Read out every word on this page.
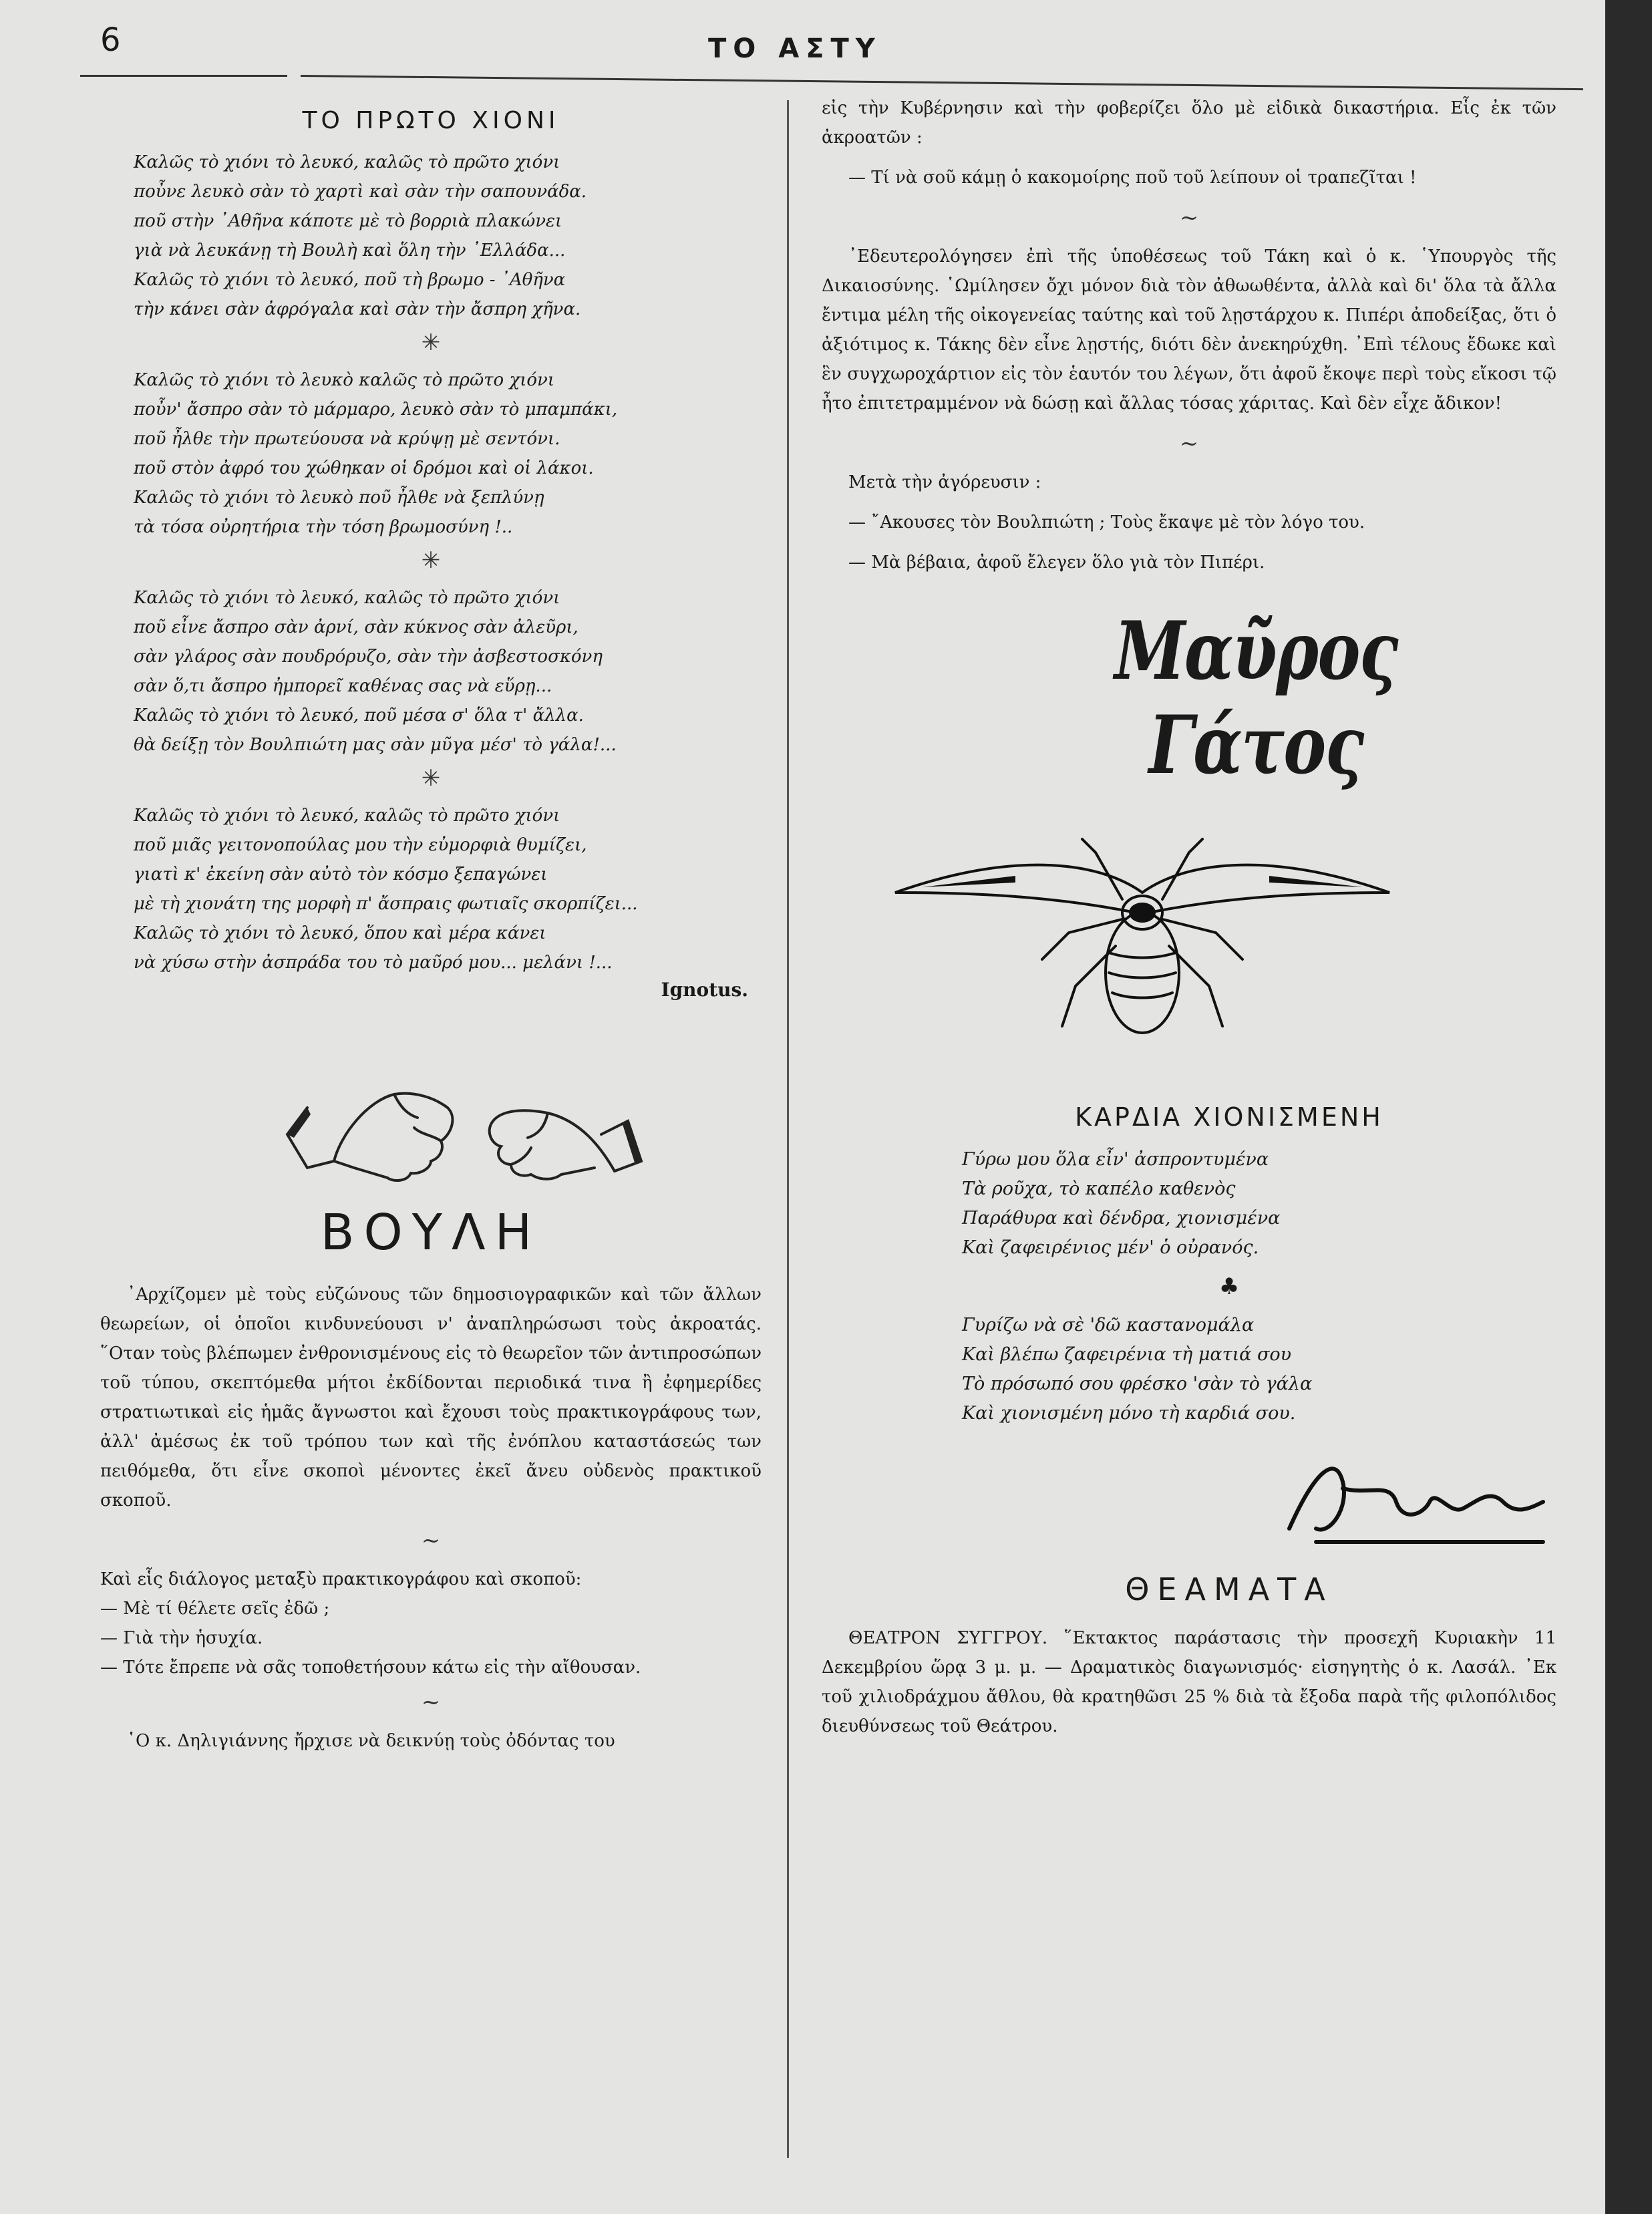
6	ΤΟ ΑΣΤΥ
ΤΟ ΠΡΩΤΟ ΧΙΟΝΙ
Καλῶς τὸ χιόνι τὸ λευκό, καλῶς τὸ πρῶτο χιόνι
ποὖνε λευκὸ σὰν τὸ χαρτὶ καὶ σὰν τὴν σαπουνάδα.
ποῦ στὴν ᾿Αθῆνα κάποτε μὲ τὸ βορριὰ πλακώνει
γιὰ νὰ λευκάνῃ τὴ Βουλὴ καὶ ὅλη τὴν ᾿Ελλάδα...
Καλῶς τὸ χιόνι τὸ λευκό, ποῦ τὴ βρωμο - ᾿Αθῆνα
τὴν κάνει σὰν ἀφρόγαλα καὶ σὰν τὴν ἄσπρη χῆνα.
✳
Καλῶς τὸ χιόνι τὸ λευκὸ καλῶς τὸ πρῶτο χιόνι
ποὖν' ἄσπρο σὰν τὸ μάρμαρο, λευκὸ σὰν τὸ μπαμπάκι,
ποῦ ἦλθε τὴν πρωτεύουσα νὰ κρύψῃ μὲ σεντόνι.
ποῦ στὸν ἀφρό του χώθηκαν οἱ δρόμοι καὶ οἱ λάκοι.
Καλῶς τὸ χιόνι τὸ λευκὸ ποῦ ἦλθε νὰ ξεπλύνῃ
τὰ τόσα οὐρητήρια τὴν τόση βρωμοσύνη !..
✳
Καλῶς τὸ χιόνι τὸ λευκό, καλῶς τὸ πρῶτο χιόνι
ποῦ εἶνε ἄσπρο σὰν ἀρνί, σὰν κύκνος σὰν ἀλεῦρι,
σὰν γλάρος σὰν πουδρόρυζο, σὰν τὴν ἀσβεστοσκόνη
σὰν ὅ,τι ἄσπρο ἠμπορεῖ καθένας σας νὰ εὕρῃ...
Καλῶς τὸ χιόνι τὸ λευκό, ποῦ μέσα σ' ὅλα τ' ἄλλα.
θὰ δείξῃ τὸν Βουλπιώτη μας σὰν μῦγα μέσ' τὸ γάλα!...
✳
Καλῶς τὸ χιόνι τὸ λευκό, καλῶς τὸ πρῶτο χιόνι
ποῦ μιᾶς γειτονοπούλας μου τὴν εὐμορφιὰ θυμίζει,
γιατὶ κ' ἐκείνη σὰν αὐτὸ τὸν κόσμο ξεπαγώνει
μὲ τὴ χιονάτη της μορφὴ π' ἄσπραις φωτιαῖς σκορπίζει...
Καλῶς τὸ χιόνι τὸ λευκό, ὅπου καὶ μέρα κάνει
νὰ χύσω στὴν ἀσπράδα του τὸ μαῦρό μου... μελάνι !...
Ignotus.
ΒΟΥΛΗ

᾿Αρχίζομεν μὲ τοὺς εὐζώνους τῶν δημοσιογραφικῶν καὶ τῶν ἄλλων θεωρείων, οἱ ὁποῖοι κινδυνεύουσι ν' ἀναπληρώσωσι τοὺς ἀκροατάς. ῞Οταν τοὺς βλέπωμεν ἐνθρονισμένους εἰς τὸ θεωρεῖον τῶν ἀντιπροσώπων τοῦ τύπου, σκεπτόμεθα μήτοι ἐκδίδονται περιοδικά τινα ἢ ἐφημερίδες στρατιωτικαὶ εἰς ἡμᾶς ἄγνωστοι καὶ ἔχουσι τοὺς πρακτικογράφους των, ἀλλ' ἀμέσως ἐκ τοῦ τρόπου των καὶ τῆς ἐνόπλου καταστάσεώς των πειθόμεθα, ὅτι εἶνε σκοποὶ μένοντες ἐκεῖ ἄνευ οὐδενὸς πρακτικοῦ σκοποῦ.

~

Καὶ εἷς διάλογος μεταξὺ πρακτικογράφου καὶ σκοποῦ:

— Μὲ τί θέλετε σεῖς ἐδῶ ;

— Γιὰ τὴν ἡσυχία.

— Τότε ἔπρεπε νὰ σᾶς τοποθετήσουν κάτω εἰς τὴν αἴθουσαν.

~

῾Ο κ. Δηλιγιάννης ἤρχισε νὰ δεικνύῃ τοὺς ὀδόντας του

εἰς τὴν Κυβέρνησιν καὶ τὴν φοβερίζει ὅλο μὲ εἰδικὰ δικαστήρια. Εἷς ἐκ τῶν ἀκροατῶν :

— Τί νὰ σοῦ κάμῃ ὁ κακομοίρης ποῦ τοῦ λείπουν οἱ τραπεζῖται !

~

᾿Εδευτερολόγησεν ἐπὶ τῆς ὑποθέσεως τοῦ Τάκη καὶ ὁ κ. ῾Υπουργὸς τῆς Δικαιοσύνης. ῾Ωμίλησεν ὄχι μόνον διὰ τὸν ἀθωωθέντα, ἀλλὰ καὶ δι' ὅλα τὰ ἄλλα ἔντιμα μέλη τῆς οἰκογενείας ταύτης καὶ τοῦ λῃστάρχου κ. Πιπέρι ἀποδείξας, ὅτι ὁ ἀξιότιμος κ. Τάκης δὲν εἶνε λῃστής, διότι δὲν ἀνεκηρύχθη. ᾿Επὶ τέλους ἔδωκε καὶ ἓν συγχωροχάρτιον εἰς τὸν ἑαυτόν του λέγων, ὅτι ἀφοῦ ἔκοψε περὶ τοὺς εἴκοσι τῷ ἦτο ἐπιτετραμμένον νὰ δώσῃ καὶ ἄλλας τόσας χάριτας. Καὶ δὲν εἶχε ἄδικον!

~

Μετὰ τὴν ἀγόρευσιν :

— ῎Ακουσες τὸν Βουλπιώτη ; Τοὺς ἔκαψε μὲ τὸν λόγο του.

— Μὰ βέβαια, ἀφοῦ ἔλεγεν ὅλο γιὰ τὸν Πιπέρι.

Μαῦρος Γάτος
ΚΑΡΔΙΑ ΧΙΟΝΙΣΜΕΝΗ
Γύρω μου ὅλα εἶν' ἀσπροντυμένα
Τὰ ροῦχα, τὸ καπέλο καθενὸς
Παράθυρα καὶ δένδρα, χιονισμένα
Καὶ ζαφειρένιος μέν' ὁ οὐρανός.
♣
Γυρίζω νὰ σὲ 'δῶ καστανομάλα
Καὶ βλέπω ζαφειρένια τὴ ματιά σου
Τὸ πρόσωπό σου φρέσκο 'σὰν τὸ γάλα
Καὶ χιονισμένη μόνο τὴ καρδιά σου.
ΘΕΑΜΑΤΑ

ΘΕΑΤΡΟΝ ΣΥΓΓΡΟΥ. ῞Εκτακτος παράστασις τὴν προσεχῆ Κυριακὴν 11 Δεκεμβρίου ὥρᾳ 3 μ. μ. — Δραματικὸς διαγωνισμός· εἰσηγητὴς ὁ κ. Λασάλ. ᾿Εκ τοῦ χιλιοδράχμου ἄθλου, θὰ κρατηθῶσι 25 % διὰ τὰ ἔξοδα παρὰ τῆς φιλοπόλιδος διευθύνσεως τοῦ Θεάτρου.
